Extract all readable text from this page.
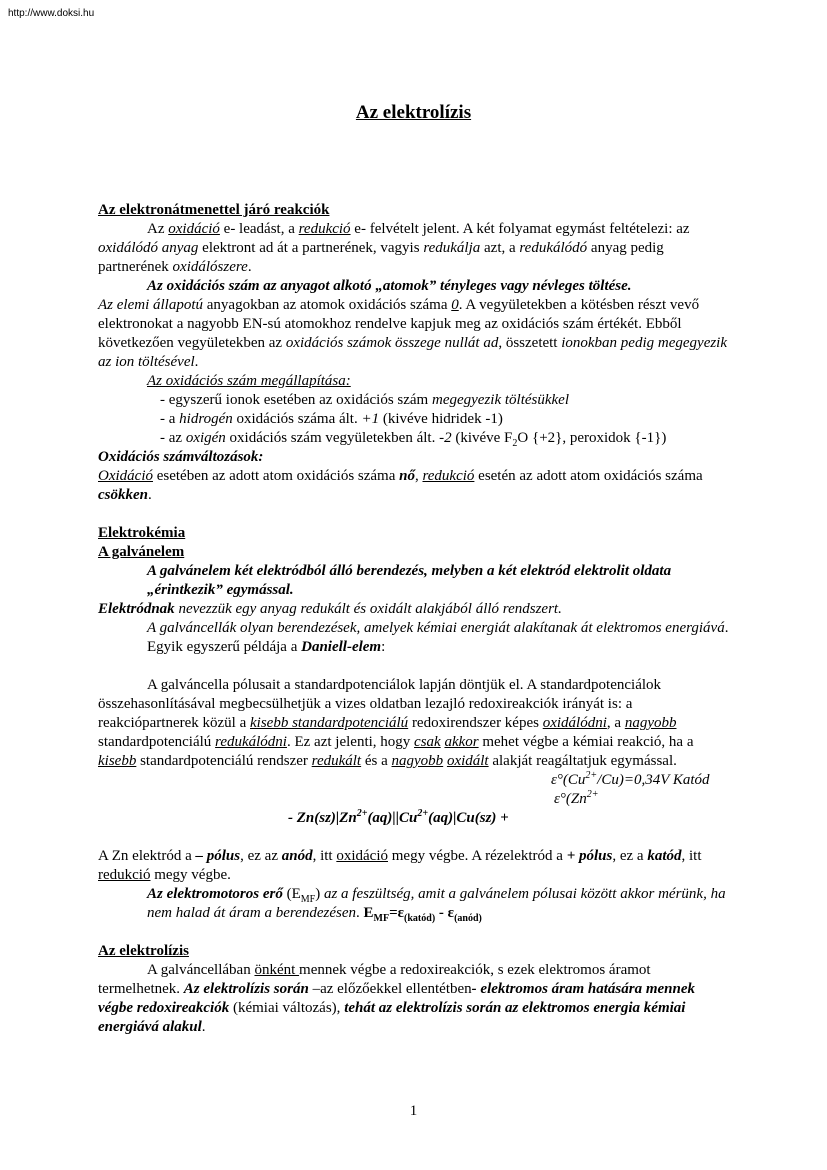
http://www.doksi.hu
Az elektrolízis

Az elektronátmenettel járó reakciók

Az oxidáció e- leadást, a redukció e- felvételt jelent. A két folyamat egymást feltételezi: az oxidálódó anyag elektront ad át a partnerének, vagyis redukálja azt, a redukálódó anyag pedig partnerének oxidálószere.

Az oxidációs szám az anyagot alkotó „atomok” tényleges vagy névleges töltése.

Az elemi állapotú anyagokban az atomok oxidációs száma 0. A vegyületekben a kötésben részt vevő elektronokat a nagyobb EN-sú atomokhoz rendelve kapjuk meg az oxidációs szám értékét. Ebből következően vegyületekben az oxidációs számok összege nullát ad, összetett ionokban pedig megegyezik az ion töltésével.

Az oxidációs szám megállapítása:

- egyszerű ionok esetében az oxidációs szám megegyezik töltésükkel

- a hidrogén oxidációs száma ált. +1 (kivéve hidridek -1)

- az oxigén oxidációs szám vegyületekben ált. -2 (kivéve $F_2O$ {+2}, peroxidok {-1})

Oxidációs számváltozások:

Oxidáció esetében az adott atom oxidációs száma nő, redukció esetén az adott atom oxidációs száma csökken.

Elektrokémia

A galvánelem

A galvánelem két elektródból álló berendezés, melyben a két elektród elektrolit oldata „érintkezik” egymással.

Elektródnak nevezzük egy anyag redukált és oxidált alakjából álló rendszert.

A galváncellák olyan berendezések, amelyek kémiai energiát alakítanak át elektromos energiává. Egyik egyszerű példája a Daniell-elem:

A galváncella pólusait a standardpotenciálok lapján döntjük el. A standardpotenciálok összehasonlításával megbecsülhetjük a vizes oldatban lezajló redoxireakciók irányát is: a reakciópartnerek közül a kisebb standardpotenciálú redoxirendszer képes oxidálódni, a nagyobb standardpotenciálú redukálódni. Ez azt jelenti, hogy csak akkor mehet végbe a kémiai reakció, ha a kisebb standardpotenciálú rendszer redukált és a nagyobb oxidált alakját reagáltatjuk egymással.

$\varepsilon^\circ(Cu^{2+}/Cu)=0,34V$ Katód

$\varepsilon^\circ(Zn^{2+}$

- $Zn(sz)|Zn^{2+}(aq)||Cu^{2+}(aq)|Cu(sz)$ +

A Zn elektród a – pólus, ez az anód, itt oxidáció megy végbe. A rézelektród a + pólus, ez a katód, itt redukció megy végbe.

Az elektromotoros erő $(E_{MF})$ az a feszültség, amit a galvánelem pólusai között akkor mérünk, ha nem halad át áram a berendezésen. $E_{MF}=\varepsilon_{(katód)} - \varepsilon_{(anód)}$

Az elektrolízis

A galváncellában önként mennek végbe a redoxireakciók, s ezek elektromos áramot termelhetnek. Az elektrolízis során –az előzőekkel ellentétben- elektromos áram hatására mennek végbe redoxireakciók (kémiai változás), tehát az elektrolízis során az elektromos energia kémiai energiává alakul.

1
